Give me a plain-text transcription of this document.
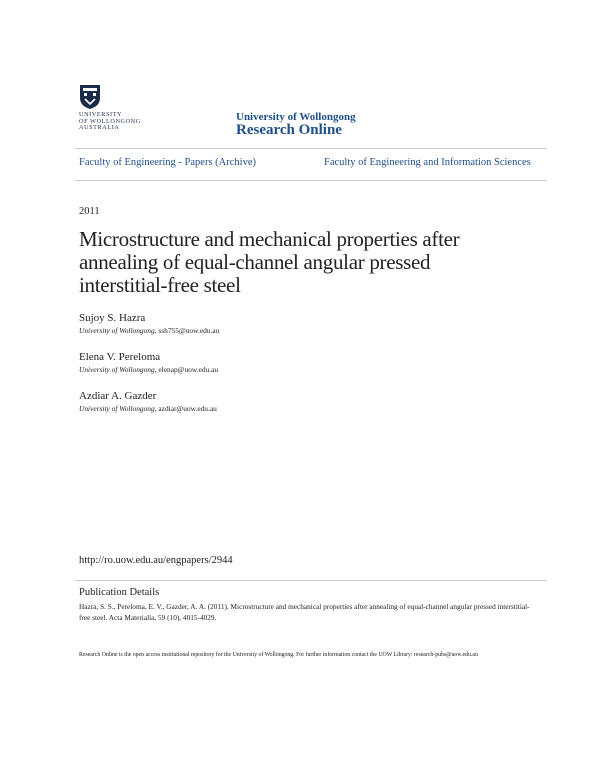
UNIVERSITY
OF WOLLONGONG
AUSTRALIA
University of Wollongong
Research Online
Faculty of Engineering - Papers (Archive)	Faculty of Engineering and Information Sciences
2011
Microstructure and mechanical properties after annealing of equal-channel angular pressed interstitial-free steel
Sujoy S. Hazra
University of Wollongong, ssh755@uow.edu.au
Elena V. Pereloma
University of Wollongong, elenap@uow.edu.au
Azdiar A. Gazder
University of Wollongong, azdiar@uow.edu.au
http://ro.uow.edu.au/engpapers/2944
Publication Details
Hazra, S. S., Pereloma, E. V., Gazder, A. A. (2011). Microstructure and mechanical properties after annealing of equal-channel angular pressed interstitial-free steel. Acta Materialia, 59 (10), 4015-4029.
Research Online is the open access institutional repository for the University of Wollongong. For further information contact the UOW Library: research-pubs@uow.edu.au
